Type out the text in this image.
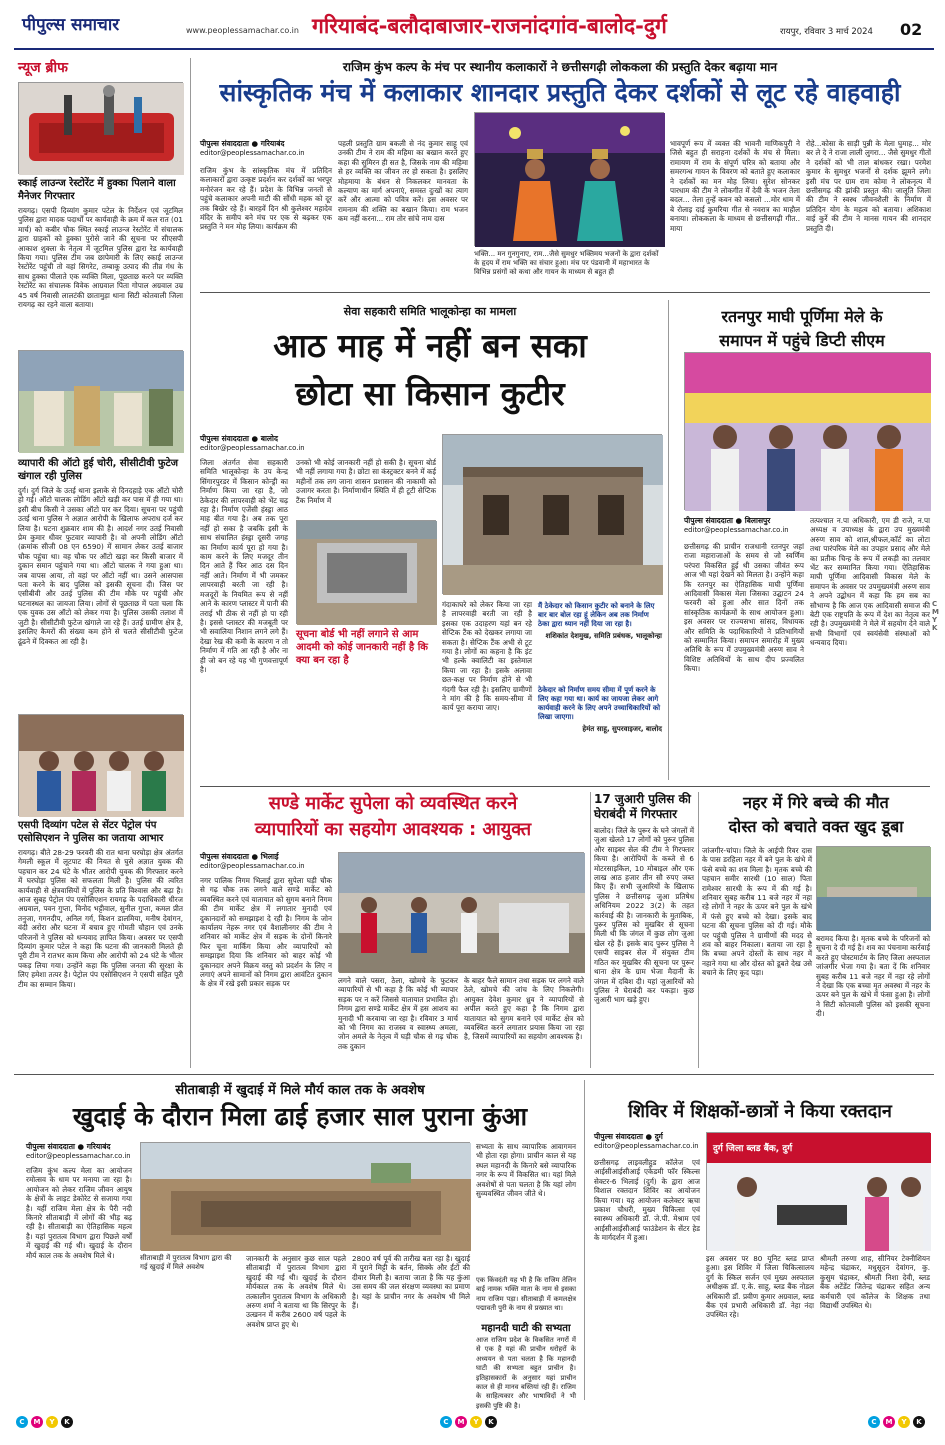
पीपुल्स समाचार	www.peoplessamachar.co.in गरियाबंद-बलौदाबाजार-राजनांदगांव-बालोद-दुर्ग	रायपुर, रविवार 3 मार्च 2024 02
न्यूज ब्रीफ
स्काई लाउन्ज रेस्टोरेंट में हुक्का पिलाने वाला मैनेजर गिरफ्तार
रायगढ़। एसपी दिव्यांग कुमार पटेल के निर्देशन एवं जूटमिल पुलिस द्वारा मादक पदार्थों पर कार्यवाही के क्रम में कल रात (01 मार्च) को कबीर चौक स्थित स्काई लाउन्ज रेस्टोरेंट में संचालक द्वारा ग्राहकों को हुक्का पुरोसे जाने की सूचना पर सीएसपी आकाश शुक्ला के नेतृत्व में जूटमिल पुलिस द्वारा रेड कार्यवाही किया गया। पुलिस टीम जब छापेमारी के लिए स्काई लाउन्ज रेस्टोरेंट पहुंची तो वहां सिगरेट, तम्बाकू उत्पाद की तीव्र गंध के साथ हुक्का पीलाते एक व्यक्ति मिला, पूछताछ करने पर व्यक्ति रेस्टोरेंट का संचालक विवेक आग्रवाल पिता गोपाल अग्रवाल उम्र 45 वर्ष निवासी लालटंकी छातामुड़ा थाना सिटी कोतवाली जिला रायगढ़ का रहने वाला बताया।
व्यापारी की ऑटो हुई चोरी, सीसीटीवी फुटेज खंगाल रही पुलिस
दुर्ग। दुर्ग जिले के उतई थाना इलाके से दिनदहाड़े एक ऑटो चोरी हो गई। ऑटो चालक लोडिंग ऑटो खड़ी कर पास में ही गया था। इसी बीच किसी ने उसका ऑटो पार कर दिया। सूचना पर पहुंची उतई थाना पुलिस ने अज्ञात आरोपी के खिलाफ अपराध दर्ज कर लिया है। घटना शुक्रवार शाम की है। आदर्श नगर उतई निवासी प्रेम कुमार धीवर फुटवार व्यापारी है। वो अपनी लोडिंग ऑटो (क्रमांक सीजी 08 एन 6590) में सामान लेकर उतई बाजार चौक पहुंचा था। वह चौक पर ऑटो खड़ा कर किसी बाजार में दुकान समान पहुंचाने गया था। ऑटो चालक ने गया हुआ था। जब वापस आया, तो वहां पर ऑटो नहीं था। उसने आसपास पता करने के बाद पुलिस को इसकी सूचना दी। जिस पर एसीबीवी और उतई पुलिस की टीम मौके पर पहुंची और घटनास्थल का जायजा लिया। लोगों से पूछताछ में पता चला कि एक युवक उस ऑटो को लेकर गया है। पुलिस उसकी तलाश में जुटी है। सीसीटीवी फुटेज खंगाले जा रहे हैं। उतई ग्रामीण क्षेत्र है, इसलिए कैमरों की संख्या कम होने से चलते सीसीटीवी फुटेज ढूंढने में दिक्कत आ रही है।
एसपी दिव्यांग पटेल से सेंटर पेट्रोल पंप एसोसिएशन ने पुलिस का जताया आभार
रायगढ़। बीते 28-29 फरवरी की रात थाना घरघोड़ा क्षेत्र अंतर्गत गेमली स्कूल में लूटपाट की नियत से घुसे अज्ञात युवक की पहचान कर 24 घंटे के भीतर आरोपी युवक की गिरफ्तार करने में घरघोड़ा पुलिस को सफलता मिली है। पुलिस की त्वरित कार्यवाही से क्षेत्रवासियों में पुलिस के प्रति विश्वास और बढ़ा है। आज सुबह पेट्रोल पंप एसोसिएशन रायगढ़ के पदाधिकारी धीरज अग्रवाल, पवन गुप्ता, विनोद भट्टीवाल, सुनील गुप्ता, कमल प्रीत तनुजा, गगनदीप, अनिल गर्ग, किशन डालमिया, मनीष देवांगन, वंदी अरोरा और घटना में बचाव हुए गोमती चौहान एवं उनके परिजनों ने पुलिस को धन्यवाद ज्ञापित किया। अवसर पर एसपी दिव्यांग कुमार पटेल ने कहा कि घटना की जानकारी मिलते ही पूरी टीम ने रातभर काम किया और आरोपी को 24 घंटे के भीतर पकड़ लिया गया। उन्होंने कहा कि पुलिस जनता की सुरक्षा के लिए हमेशा तत्पर है। पेट्रोल पंप एसोसिएशन ने एसपी सहित पूरी टीम का सम्मान किया।
राजिम कुंभ कल्प के मंच पर स्थानीय कलाकारों ने छत्तीसगढ़ी लोककला की प्रस्तुति देकर बढ़ाया मान
सांस्कृतिक मंच में कलाकार शानदार प्रस्तुति देकर दर्शकों से लूट रहे वाहवाही
पीपुल्स संवाददाता ● गरियाबंद
editor@peoplessamachar.co.in
राजिम कुंभ के सांस्कृतिक मंच में प्रतिदिन कलाकारों द्वारा उत्कृष्ट प्रदर्शन कर दर्शकों का भरपूर मनोरंजन कर रहे हैं। प्रदेश के विभिन्न जनतों से पहुंचे कलाकार अपनी माटी की सौंधी महक को दूर तक बिखेर रहे हैं। बारहवें दिन श्री कुलेश्वर महादेव मंदिर के समीप बने मंच पर एक से बढ़कर एक प्रस्तुति ने मन मोह लिया। कार्यक्रम की
पहली प्रस्तुति ग्राम बकली से नंद कुमार साहू एवं उनकी टीम ने राम की महिमा का बखान करते हुए कहा की सुमिरन ही सत है, जिसके नाम की महिमा से हर व्यक्ति का जीवन तर हो सकता है। इसलिए मोहमाया के बंधन से निकलकर मानवता के कल्याण का मार्ग अपनाएं, समस्त दुःखों का त्याग करें और आत्मा को पवित्र करें। इस अवसर पर रामनाम की शक्ति का बखान किया। राम भजन कम नहीं करना... राम तोर सांचे नाम दास
भक्ति... मन गुनगुनाए, राम...जैसे सुमधुर भक्तिमय भजनों के द्वारा दर्शकों के हृदय में राम भक्ति का संचार हुआ। मंच पर पंडवानी में महाभारत के विभिन्न प्रसंगों को कथा और गायन के माध्यम से बहुत ही
भावपूर्ण रूप में व्यक्त की भावनी माणिकपुरी ने जिसे बहुत ही सराहना दर्शकों के मंच से मिला। रामायण में राम के संपूर्ण चरित्र को बताया और समरगन्ध गायन के विवरण को बताते हुए कलाकार ने दर्शकों का मन मोह लिया। सुरेश सोनकर पारधाम की टीम ने लोकगीत में देवी के भजन तेला बदल... तेला तुन्हें कवन को कसलो ...मोर धाम में बे रोलाइ दाई कुमरिया गीत से नवरात्र का माहौल बनाया। लोककला के माध्यम से छत्तीसगढ़ी गीत.. माया
रोहे...कोसा के साड़ी पुन्नी के मेला घुमाह... मोर बर ले दे ने राजा लाली लुगरा... जैसे सुमधुर गीतों ने दर्शकों को भी ताल बांधकर रखा। परमेश कुमार के सुमधुर भजनों से दर्शक झूमने लगे। इसी मंच पर ग्राम राम कोमा ने लोकनृत्य में छत्तीसगढ़ की झांकी प्रस्तुत की। जालूति जिला की टीम ने स्वस्थ जीवनशैली के निर्माण में प्रतिदिन योग के महत्व को बताया। अशिकाश वाई कुर्रे की टीम ने मानस गायन की शानदार प्रस्तुति दी।
सेवा सहकारी समिति भालूकोन्हा का मामला
आठ माह में नहीं बन सका
छोटा सा किसान कुटीर
पीपुल्स संवाददाता ● बालोद
editor@peoplessamachar.co.in
जिला अंतर्गत सेवा सहकारी समिति भालूकोन्हा के उप केन्द्र सिंगारपुरडर में किसान कोन्ड्री का निर्माण किया जा रहा है, जो ठेकेदार की लापरवाही को भेंट चढ़ रहा है। निर्माण एजेंसी हंस्ड्रा आठ माह बीत गया है। अब तक पूरा नहीं हो सका है जबकि इसी के साथ संचालित हंस्ड्रा दूसरी जगह का निर्माण कार्य पूरा हो गया है। काम करने के लिए मजदूर तीन दिन आते हैं फिर आठ दस दिन नहीं आते। निर्माण में भी जमकर लापरवाही बरती जा रही है। मजदूरों के नियमित रूप से नहीं आने के कारण प्लास्टर में पानी की तराई भी ठीक से नहीं हो पा रही है। इससे प्लास्टर की मजबूती पर भी सवालिया निशान लगने लगे हैं। देखा रेख की कमी के कारण न तो निर्माण में गति आ रही है और ना ही जो बन रहे यह भी गुणवत्तापूर्ण है।
उनको भी कोई जानकारी नहीं हो सकी है। सूचना बोर्ड भी नहीं लगाया गया है। छोटा सा कंस्ट्रक्टर बनने में कई महीनों तक लग जाना शासन प्रशासन की नाकामी को उजागर करता है। निर्माणाधीन स्थिति में ही टूटी सेप्टिक टैंक निर्माण में
सूचना बोर्ड भी नहीं लगाने से आम आदमी को कोई जानकारी नहीं है कि क्या बन रहा है
गंदाकाघरे को लेकर किया जा रहा है लापरवाही बरती जा रही है इसका एक उदाहरण यहां बन रहे सेप्टिक टैंक को देखकर लगाया जा सकता है। सेप्टिक टैंक अभी से टूट गया है। लोगों का कहना है कि इंट भी हल्के क्वालिटी का इस्तेमाल किया जा रहा है। इसके अलावा छत-कक्ष पर निर्माण होने से भी गंदगी फैल रही है। इसलिए ग्रामीणों ने मांग की है कि समय-सीमा में कार्य पूरा कराया जाए।
मैं ठेकेदार को किसान कुटीर को बनाने के लिए बार बार बोल रहा हूं लेकिन अब तक निर्माण ठेका द्वारा ध्यान नहीं दिया जा रहा है।
शशिकांत देशमुख, समिति प्रबंधक, भालूकोन्हा
ठेकेदार को निर्माण समय सीमा में पूर्ण करने के लिए कहा गया था। कार्य का जायजा लेकर आगे कार्यवाही करने के लिए अपने उच्चाधिकारियों को लिखा जाएगा।
हेमंत साहू, सुपरवाइजर, बालोद
रतनपुर माघी पूर्णिमा मेले के
समापन में पहुंचे डिप्टी सीएम
पीपुल्स संवाददाता ● बिलासपुर
editor@peoplessamachar.co.in
छत्तीसगढ़ की प्राचीन राजधानी रतनपुर जहां राजा महाराजाओं के समय से जो स्वर्णिम परंपरा विकसित हुई थी उसका जीवंत रूप आज भी यहां देखने को मिलता है। उन्होंने कहा कि रतनपुर का ऐतिहासिक माघी पूर्णिमा आदिवासी विकास मेला जिसका उद्घाटन 24 फरवरी को हुआ और सात दिनों तक सांस्कृतिक कार्यक्रमों के साथ आयोजन हुआ। इस अवसर पर राज्यसभा सांसद, विधायक और समिति के पदाधिकारियों ने प्रतिभागियों को सम्मानित किया। समापन समारोह में मुख्य अतिथि के रूप में उपमुख्यमंत्री अरुण साव ने विशिष्ट अतिथियों के साथ दीप प्रज्वलित किया।
तत्पश्चात न.पा अधिकारी, एम डी राजे, न.पा अध्यक्ष व उपाध्यक्ष के द्वारा उप मुख्यमंत्री अरुण साव को शाल,श्रीफल,कॉर्ट का लोटा तथा पारंपरिक मेले का उपहार प्रसाद और मेले का प्रतीक चिन्ह के रूप में लकड़ी का तलवार भेंट कर सम्मानित किया गया। ऐतिहासिक माघी पूर्णिमा आदिवासी विकास मेले के समापन के अवसर पर उपमुख्यमंत्री अरुण साव ने अपने उद्बोधन में कहा कि हम सब का सौभाग्य है कि आज एक आदिवासी समाज की बेटी एक राष्ट्रपति के रूप में देश का नेतृत्व कर रही है। उपमुख्यमंत्री ने मेले में सहयोग देने वाले सभी विभागों एवं स्वयंसेवी संस्थाओं को धन्यवाद दिया।
सण्डे मार्केट सुपेला को व्यवस्थित करने
व्यापारियों का सहयोग आवश्यक : आयुक्त
पीपुल्स संवाददाता ● भिलाई
editor@peoplessamachar.co.in
नगर पालिक निगम भिलाई द्वारा सुपेला घड़ी चौक से गढ़ चौक तक लगने वाले सण्डे मार्केट को व्यवस्थित करने एवं यातायात को सुगम बनाने निगम की टीम मार्केट क्षेत्र में लगातार मुनादी एवं दुकानदारों को समझाइश दे रही है। निगम के जोन कार्यालय नेहरू नगर एवं वैशालीनगर की टीम ने शनिवार को मार्केट क्षेत्र में सड़क के दोनों किनारे फिर चूना मार्किंग किया और व्यापारियों को समझाइश दिया कि शनिवार को बाहर कोई भी दुकानदार अपने विक्रय वस्तु को प्रदर्शन के लिए न लगाएं अपने सामानों को निगम द्वारा आवंटित दुकान के क्षेत्र में रखे इसी प्रकार सड़क पर	लगने वाले पसरा, ठेला, खोमचे के फुटकर व्यापारियों से भी कहा है कि कोई भी व्यापार सड़क पर न करें जिससे यातायात प्रभावित हो। निगम द्वारा सण्डे मार्केट क्षेत्र में हस आशय का मुनादी भी करवाया जा रहा है। रविवार 3 मार्च को भी निगम का राजस्व व स्वास्थ्य अमला, जोन अमले के नेतृत्व में घड़ी चौक से गढ़ चौक तक दुकान
के बाहर फैले सामान तथा सड़क पर लगने वाले ठेले, खोमचे की जांच के लिए निकलेगी। आयुक्त देवेश कुमार ध्रुव ने व्यापारियों से अपील करते हुए कहा है कि निगम द्वारा यातायात को सुगम बनाने एवं मार्केट क्षेत्र को व्यवस्थित करने लगातार प्रयास किया जा रहा है, जिसमें व्यापारियों का सहयोग आवश्यक है।
17 जुआरी पुलिस की घेराबंदी में गिरफ्तार
बालोद। जिले के पुरूर के घने जंगलों में जुआ खेलते 17 लोगों को पुरूर पुलिस और साइबर सेल की टीम ने गिरफ्तार किया है। आरोपियों के कब्जे से 6 मोटरसाइकिल, 10 मोबाइल और एक लाख आठ हजार तीन सौ रुपए जब्त किए हैं। सभी जुआरियों के खिलाफ पुलिस ने छत्तीसगढ़ जुआ प्रतिषेध अधिनियम 2022 3(2) के तहत कार्रवाई की है। जानकारी के मुताबिक, पुरूर पुलिस को मुखबिर से सूचना मिली थी कि जंगल में कुछ लोग जुआ खेल रहे हैं। इसके बाद पुरूर पुलिस ने एसपी साइबर सेल में संयुक्त टीम गठित कर मुखबिर की सूचना पर पुरूर थाना क्षेत्र के ग्राम भेजा मैदानी के जंगल में दबिश दी। यहां जुआरियों को पुलिस ने घेराबंदी कर पकड़ा। कुछ जुआरी भाग खड़े हुए।
नहर में गिरे बच्चे की मौत
दोस्त को बचाते वक्त खुद डूबा
जांजगीर-चांपा। जिले के आईपी रिवर दास के पास डरहिला नहर में बने पुल के खंभे में फंसे बच्चे का शव मिला है। मृतक बच्चे की पहचान समीर सारथी (10 साल) पिता रामेश्वर सारथी के रूप में की गई है। शनिवार सुबह करीब 11 बजे नहर में नहा रहे लोगों ने नहर के ऊपर बने पुल के खंभे में फंसे हुए बच्चे को देखा। इसके बाद घटना की सूचना पुलिस को दी गई। मौके पर पहुंची पुलिस ने ग्रामीणों की मदद से शव को बाहर निकाला। बताया जा रहा है कि बच्चा अपने दोस्तों के साथ नहर में नहाने गया था और दोस्त को डूबते देख उसे बचाने के लिए कूद पड़ा।
बरामद किया है। मृतक बच्चे के परिजनों को सूचना दे दी गई है। शव का पंचनामा कार्रवाई करते हुए पोस्टमार्टम के लिए जिला अस्पताल जांजगीर भेजा गया है। बता दें कि शनिवार सुबह करीब 11 बजे नहर में नहा रहे लोगों ने देखा कि एक बच्चा मृत अवस्था में नहर के ऊपर बने पुल के खंभे में फंसा हुआ है। लोगों ने सिटी कोतवाली पुलिस को इसकी सूचना दी।
सीताबाड़ी में खुदाई में मिले मौर्य काल तक के अवशेष
खुदाई के दौरान मिला ढाई हजार साल पुराना कुंआ
पीपुल्स संवाददाता ● गरियाबंद
editor@peoplessamachar.co.in
राजिम कुंभ कल्प मेला का आयोजन रमोत्सव के धाम पर मनाया जा रहा है। आयोजन को लेकर राजिम जीवन आयुष के क्षेत्रों के लाइट डेकोरेट से सजाया गया है। यहीं राजिम मेला क्षेत्र के पैरी नदी किनारे सीताबाड़ी में लोगों की भीड़ बढ़ रही है। सीताबाड़ी का ऐतिहासिक महत्व है। यहां पुरातत्व विभाग द्वारा पिछले वर्षों में खुदाई की गई थी। खुदाई के दौरान मौर्य काल तक के अवशेष मिले थे।	सीताबाड़ी में पुरातत्व विभाग द्वारा की गई खुदाई में मिले अवशेष
जानकारी के अनुसार कुछ साल पहले सीताबाड़ी में पुरातत्व विभाग द्वारा खुदाई की गई थी। खुदाई के दौरान मौर्यकाल तक के अवशेष मिले थे। तत्कालीन पुरातत्व विभाग के अधिकारी अरुण शर्मा ने बताया था कि सिरपुर के उत्खनन में करीब 2600 वर्ष पहले के अवशेष प्राप्त हुए थे।
2800 वर्ष पूर्व की तारीख बता रहा है। खुदाई में पुराने मिट्टी के बर्तन, सिक्के और ईंटों की दीवार मिली है। बताया जाता है कि यह कुंआ उस समय की जल संरक्षण व्यवस्था का प्रमाण है। यहां के प्राचीन नगर के अवशेष भी मिले हैं।
सभ्यता के साथ व्यापारिक आवागमन भी होता रहा होगा। प्राचीन काल से यह स्थल महानदी के किनारे बसे व्यापारिक नगर के रूप में विकसित था। यहां मिले अवशेषों से पता चलता है कि यहां लोग सुव्यवस्थित जीवन जीते थे।
एक किंवदंती यह भी है कि राजिम तेलिन बाई नामक भक्ति माता के नाम से इसका नाम राजिम पड़ा। सीताबाड़ी में कमलक्षेत्र पद्मावती पुरी के नाम से प्रख्यात था।
महानदी घाटी की सभ्यता
आज राजिम प्रदेश के विकसित नगरों में से एक है यहां की प्राचीन धरोहरों के अध्ययन से पता चलता है कि महानदी घाटी की सभ्यता बहुत प्राचीन है। इतिहासकारों के अनुसार यहां प्राचीन काल से ही मानव बस्तियां रही हैं। राजिम के साहित्यकार और भाषाविदों ने भी इसकी पुष्टि की है।
शिविर में शिक्षकों-छात्रों ने किया रक्तदान
पीपुल्स संवाददाता ● दुर्ग
editor@peoplessamachar.co.in
छत्तीसगढ़ लाइवलीहुड कॉलेज एवं आईसीआईसीआई एकेडमी फॉर स्किल्स सेक्टर-6 भिलाई (दुर्ग) के द्वारा आज विशाल रक्तदान शिविर का आयोजन किया गया। यह आयोजन कलेक्टर ऋचा प्रकाश चौधरी, मुख्य चिकित्सा एवं स्वास्थ्य अधिकारी डॉ. जे.पी. मेश्राम एवं आईसीआईसीआई फाउंडेशन के सेंटर हेड के मार्गदर्शन में हुआ।
दुर्ग जिला ब्लड बैंक, दुर्ग
इस अवसर पर 80 यूनिट ब्लड प्राप्त हुआ। इस शिविर में जिला चिकित्सालय दुर्ग के स्किल सर्जन एवं मुख्य अस्पताल अधीक्षक डॉ. ए.के. साहू, ब्लड बैंक नोडल अधिकारी डॉ. प्रवीण कुमार अग्रवाल, ब्लड बैंक एवं प्रभारी अधिकारी डॉ. नेहा नंदा उपस्थित रहे।
श्रीमती तरुणा शाह, सीनियर टेक्नीशियन महेन्द्र चंद्राकर, मधुसूदन देवांगन, कु. कुसुम चंद्राकर, श्रीमती निशा देवी, ब्लड बैंक अटेंडेंट जितेन्द्र चंद्राकर सहित अन्य कर्मचारी एवं कॉलेज के शिक्षक तथा विद्यार्थी उपस्थित थे।
C	M	Y	K	C	M	Y	K	C	M	Y	K
CMYK
